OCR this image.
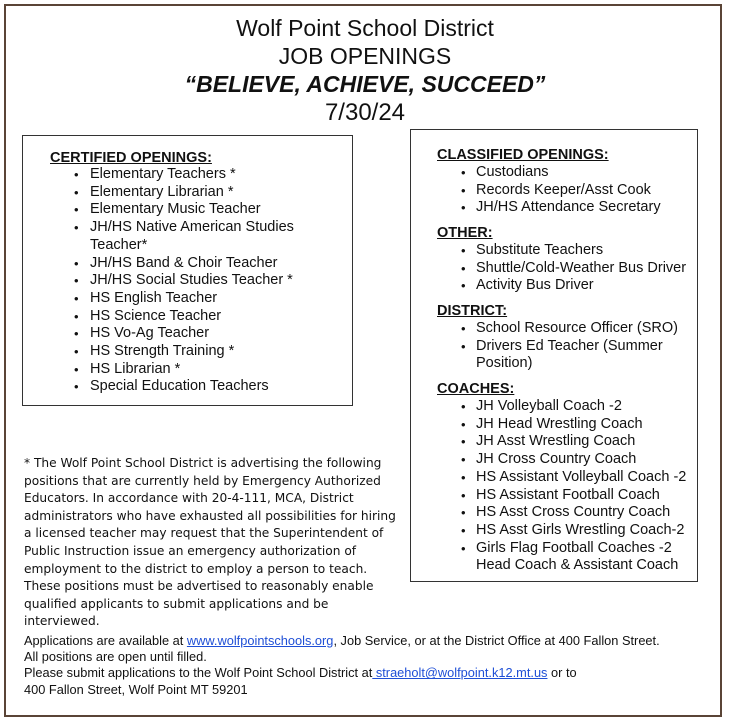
Wolf Point School District
JOB OPENINGS
“BELIEVE, ACHIEVE, SUCCEED”
7/30/24
CERTIFIED OPENINGS:
• Elementary Teachers *
• Elementary Librarian *
• Elementary Music Teacher
• JH/HS Native American Studies Teacher*
• JH/HS Band & Choir Teacher
• JH/HS Social Studies Teacher *
• HS English Teacher
• HS Science Teacher
• HS Vo-Ag Teacher
• HS Strength Training *
• HS Librarian *
• Special Education Teachers
CLASSIFIED OPENINGS:
• Custodians
• Records Keeper/Asst Cook
• JH/HS Attendance Secretary
OTHER:
• Substitute Teachers
• Shuttle/Cold-Weather Bus Driver
• Activity Bus Driver
DISTRICT:
• School Resource Officer (SRO)
• Drivers Ed Teacher (Summer Position)
COACHES:
• JH Volleyball Coach -2
• JH Head Wrestling Coach
• JH Asst Wrestling Coach
• JH Cross Country Coach
• HS Assistant Volleyball Coach -2
• HS Assistant Football Coach
• HS Asst Cross Country Coach
• HS Asst Girls Wrestling Coach-2
• Girls Flag Football Coaches -2 Head Coach & Assistant Coach
* The Wolf Point School District is advertising the following positions that are currently held by Emergency Authorized Educators. In accordance with 20-4-111, MCA, District administrators who have exhausted all possibilities for hiring a licensed teacher may request that the Superintendent of Public Instruction issue an emergency authorization of employment to the district to employ a person to teach. These positions must be advertised to reasonably enable qualified applicants to submit applications and be interviewed.
Applications are available at www.wolfpointschools.org, Job Service, or at the District Office at 400 Fallon Street.
All positions are open until filled.
Please submit applications to the Wolf Point School District at straeholt@wolfpoint.k12.mt.us or to
400 Fallon Street, Wolf Point MT 59201
